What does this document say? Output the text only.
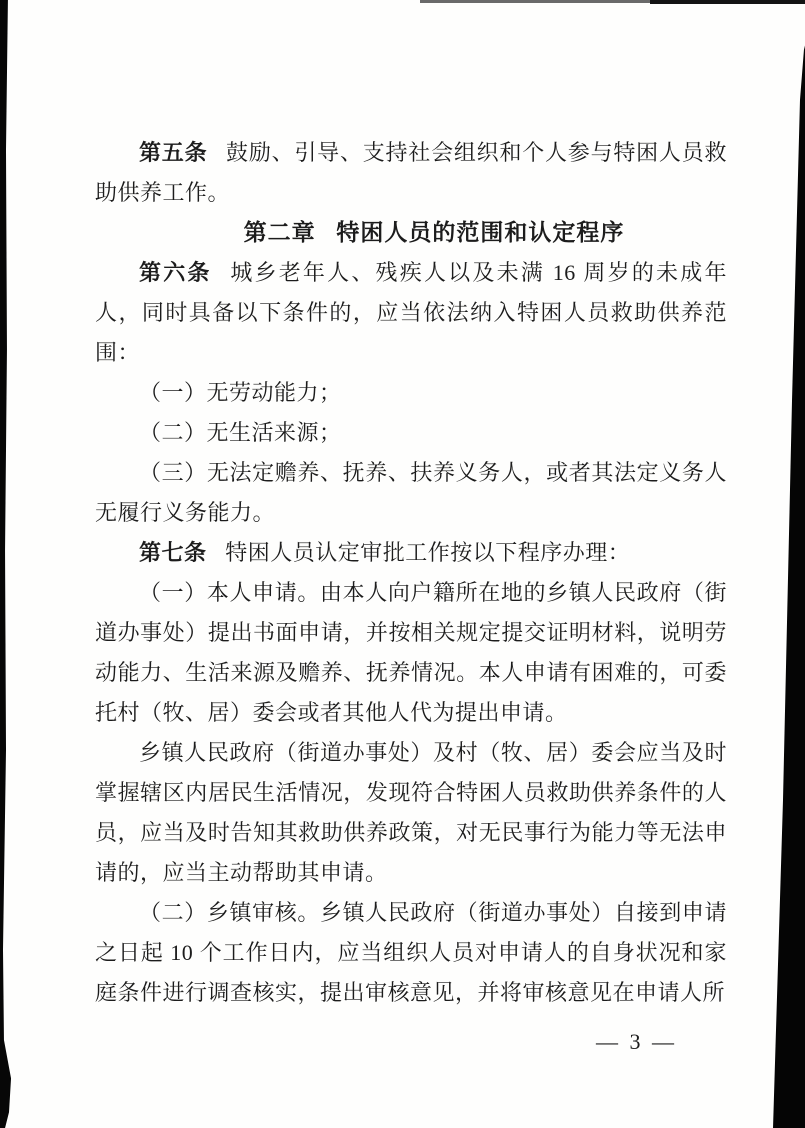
第五条 鼓励、引导、支持社会组织和个人参与特困人员救助供养工作。

第二章 特困人员的范围和认定程序

第六条 城乡老年人、残疾人以及未满 16 周岁的未成年人，同时具备以下条件的，应当依法纳入特困人员救助供养范围：

（一）无劳动能力；

（二）无生活来源；

（三）无法定赡养、抚养、扶养义务人，或者其法定义务人无履行义务能力。

第七条 特困人员认定审批工作按以下程序办理：

（一）本人申请。由本人向户籍所在地的乡镇人民政府（街道办事处）提出书面申请，并按相关规定提交证明材料，说明劳动能力、生活来源及赡养、抚养情况。本人申请有困难的，可委托村（牧、居）委会或者其他人代为提出申请。

乡镇人民政府（街道办事处）及村（牧、居）委会应当及时掌握辖区内居民生活情况，发现符合特困人员救助供养条件的人员，应当及时告知其救助供养政策，对无民事行为能力等无法申请的，应当主动帮助其申请。

（二）乡镇审核。乡镇人民政府（街道办事处）自接到申请之日起 10 个工作日内，应当组织人员对申请人的自身状况和家庭条件进行调查核实，提出审核意见，并将审核意见在申请人所

— 3 —
